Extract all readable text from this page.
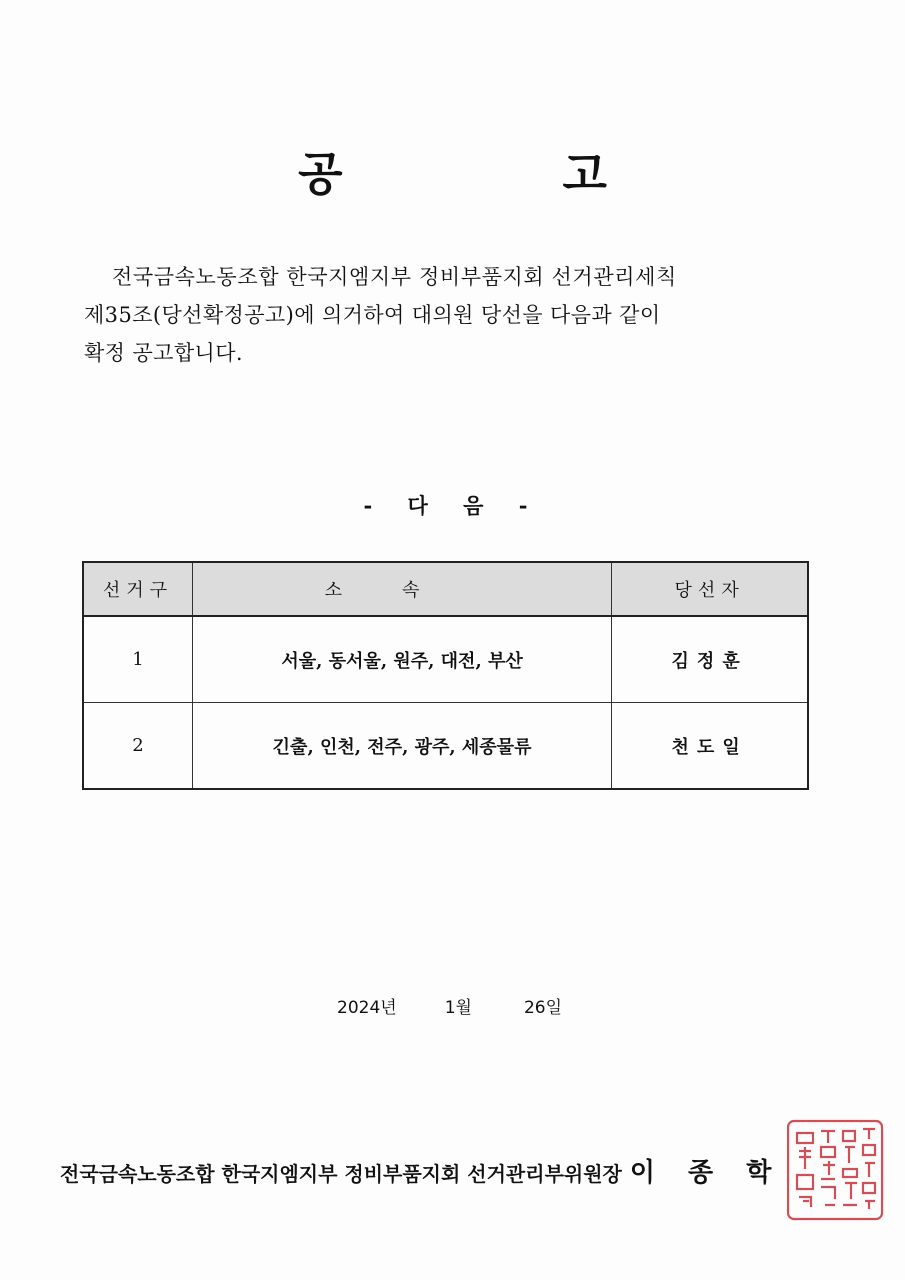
공	고
전국금속노동조합 한국지엠지부 정비부품지회 선거관리세칙
제35조(당선확정공고)에 의거하여 대의원 당선을 다음과 같이
확정 공고합니다.
- 다 음 -
선거구	소속	당선자
1	서울, 동서울, 원주, 대전, 부산	김정훈
2	긴출, 인천, 전주, 광주, 세종물류	천도일
2024년	1월	26일
전국금속노동조합 한국지엠지부 정비부품지회 선거관리부위원장 이 종 학
